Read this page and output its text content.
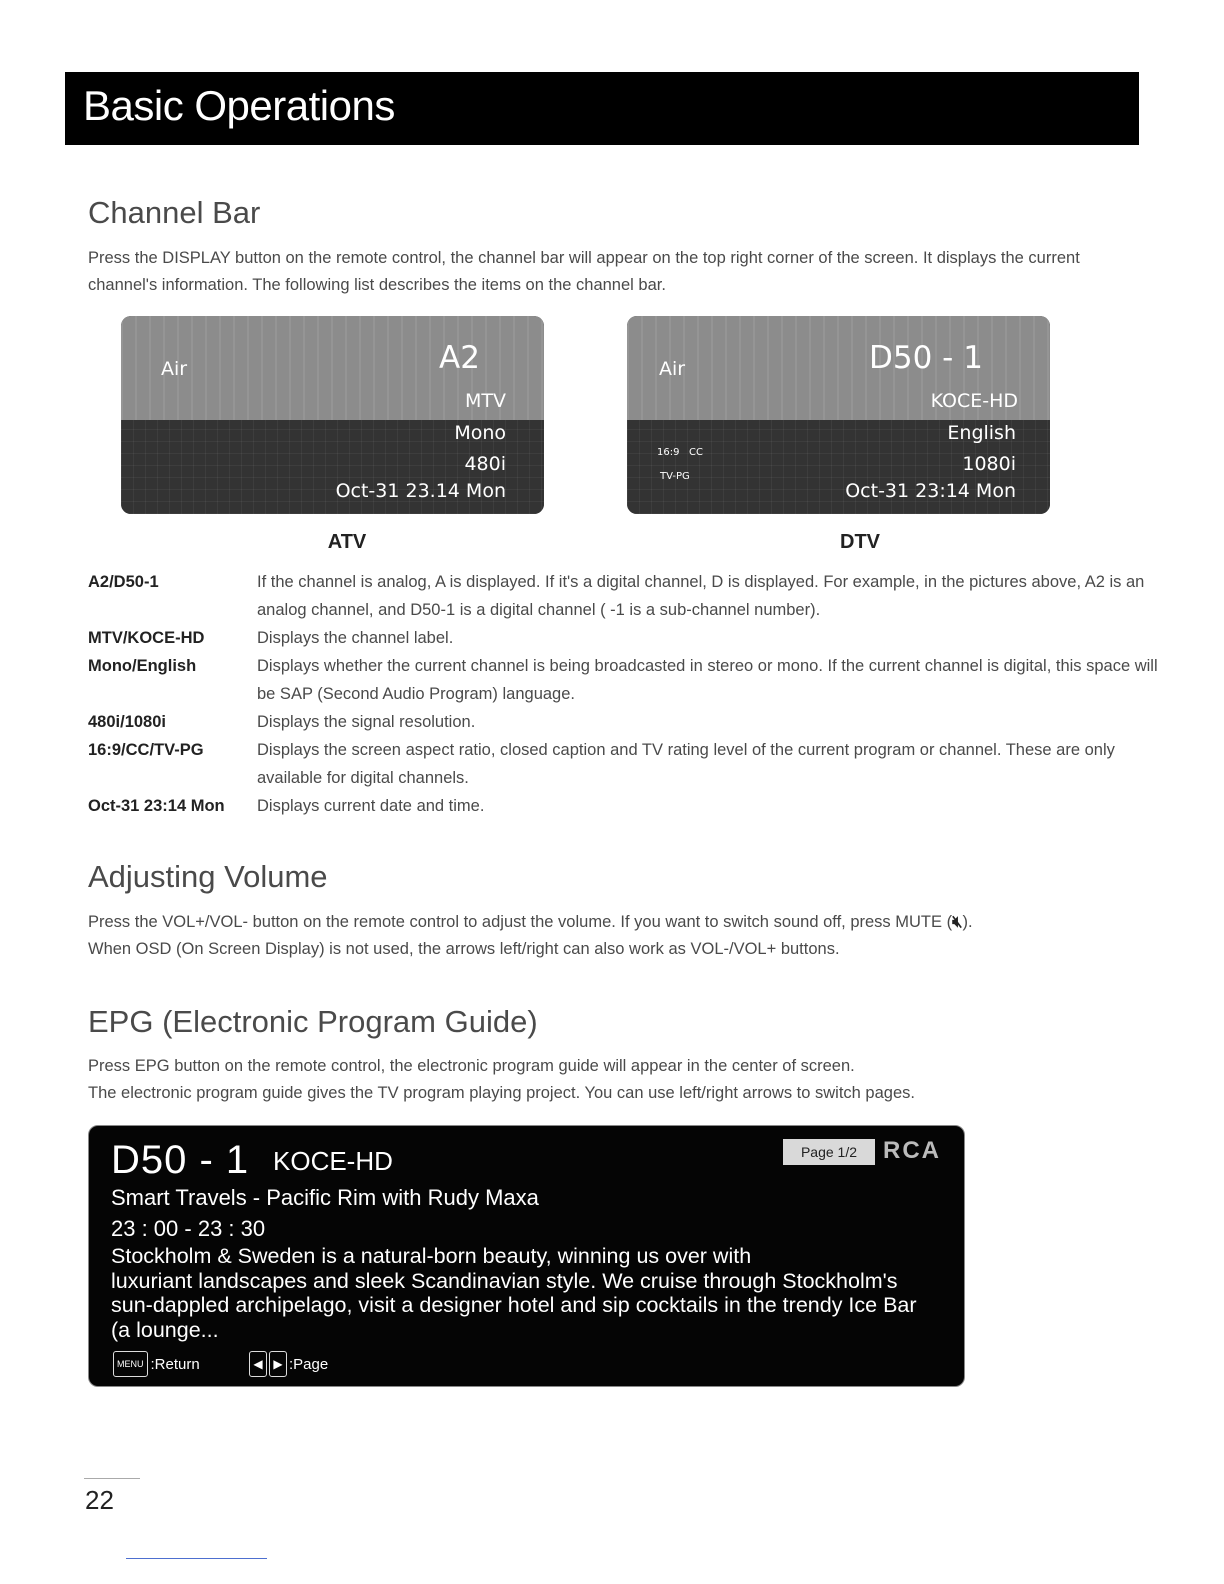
Basic Operations
Channel Bar

Press the DISPLAY button on the remote control, the channel bar will appear on the top right corner of the screen. It displays the current channel's information. The following list describes the items on the channel bar.

Air	A2
MTV
Mono
480i
Oct-31 23.14 Mon
Air	D50 - 1
KOCE-HD
English
1080i
Oct-31 23:14 Mon
16:9 CC
TV-PG
ATV	DTV
A2/D50-1	If the channel is analog, A is displayed. If it's a digital channel, D is displayed. For example, in the pictures above, A2 is an analog channel, and D50-1 is a digital channel ( -1 is a sub-channel number).
MTV/KOCE-HD	Displays the channel label.
Mono/English	Displays whether the current channel is being broadcasted in stereo or mono. If the current channel is digital, this space will be SAP (Second Audio Program) language.
480i/1080i	Displays the signal resolution.
16:9/CC/TV-PG	Displays the screen aspect ratio, closed caption and TV rating level of the current program or channel. These are only available for digital channels.
Oct-31 23:14 Mon	Displays current date and time.
Adjusting Volume

Press the VOL+/VOL- button on the remote control to adjust the volume. If you want to switch sound off, press MUTE (🔇︎).

When OSD (On Screen Display) is not used, the arrows left/right can also work as VOL-/VOL+ buttons.

EPG (Electronic Program Guide)

Press EPG button on the remote control, the electronic program guide will appear in the center of screen.

The electronic program guide gives the TV program playing project. You can use left/right arrows to switch pages.

D50 - 1 KOCE-HD	Page 1/2	RCA
Smart Travels - Pacific Rim with Rudy Maxa
23 : 00 - 23 : 30
Stockholm & Sweden is a natural-born beauty, winning us over with
luxuriant landscapes and sleek Scandinavian style. We cruise through Stockholm's
sun-dappled archipelago, visit a designer hotel and sip cocktails in the trendy Ice Bar
(a lounge...
MENU :Return	◀ ▶ :Page
22
